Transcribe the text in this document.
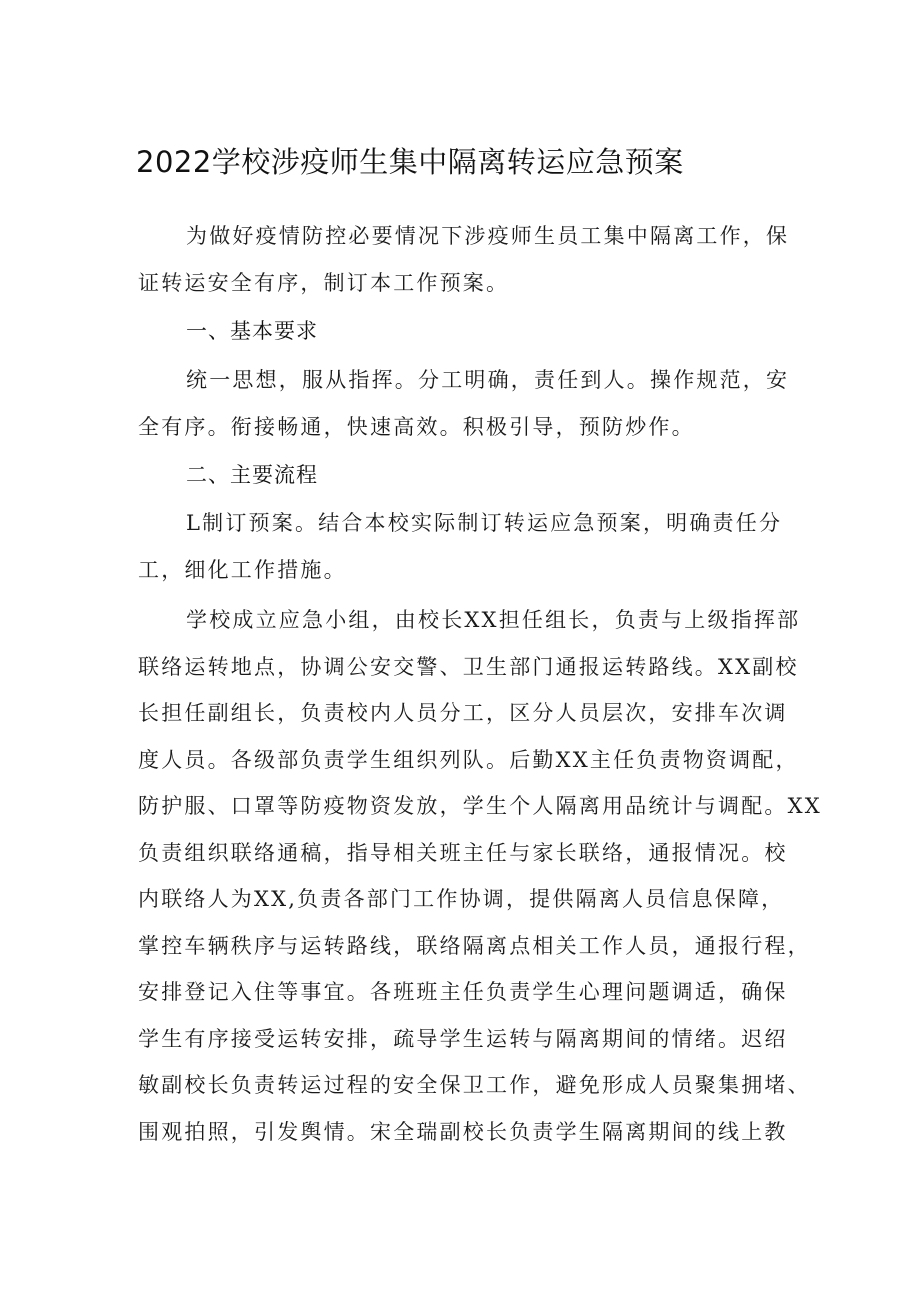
2022学校涉疫师生集中隔离转运应急预案
为做好疫情防控必要情况下涉疫师生员工集中隔离工作，保
证转运安全有序，制订本工作预案。
一、基本要求
统一思想，服从指挥。分工明确，责任到人。操作规范，安
全有序。衔接畅通，快速高效。积极引导，预防炒作。
二、主要流程
L制订预案。结合本校实际制订转运应急预案，明确责任分
工，细化工作措施。
学校成立应急小组，由校长XX担任组长，负责与上级指挥部
联络运转地点，协调公安交警、卫生部门通报运转路线。XX副校
长担任副组长，负责校内人员分工，区分人员层次，安排车次调
度人员。各级部负责学生组织列队。后勤XX主任负责物资调配，
防护服、口罩等防疫物资发放，学生个人隔离用品统计与调配。XX
负责组织联络通稿，指导相关班主任与家长联络，通报情况。校
内联络人为XX,负责各部门工作协调，提供隔离人员信息保障，
掌控车辆秩序与运转路线，联络隔离点相关工作人员，通报行程，
安排登记入住等事宜。各班班主任负责学生心理问题调适，确保
学生有序接受运转安排，疏导学生运转与隔离期间的情绪。迟绍
敏副校长负责转运过程的安全保卫工作，避免形成人员聚集拥堵、
围观拍照，引发舆情。宋全瑞副校长负责学生隔离期间的线上教
